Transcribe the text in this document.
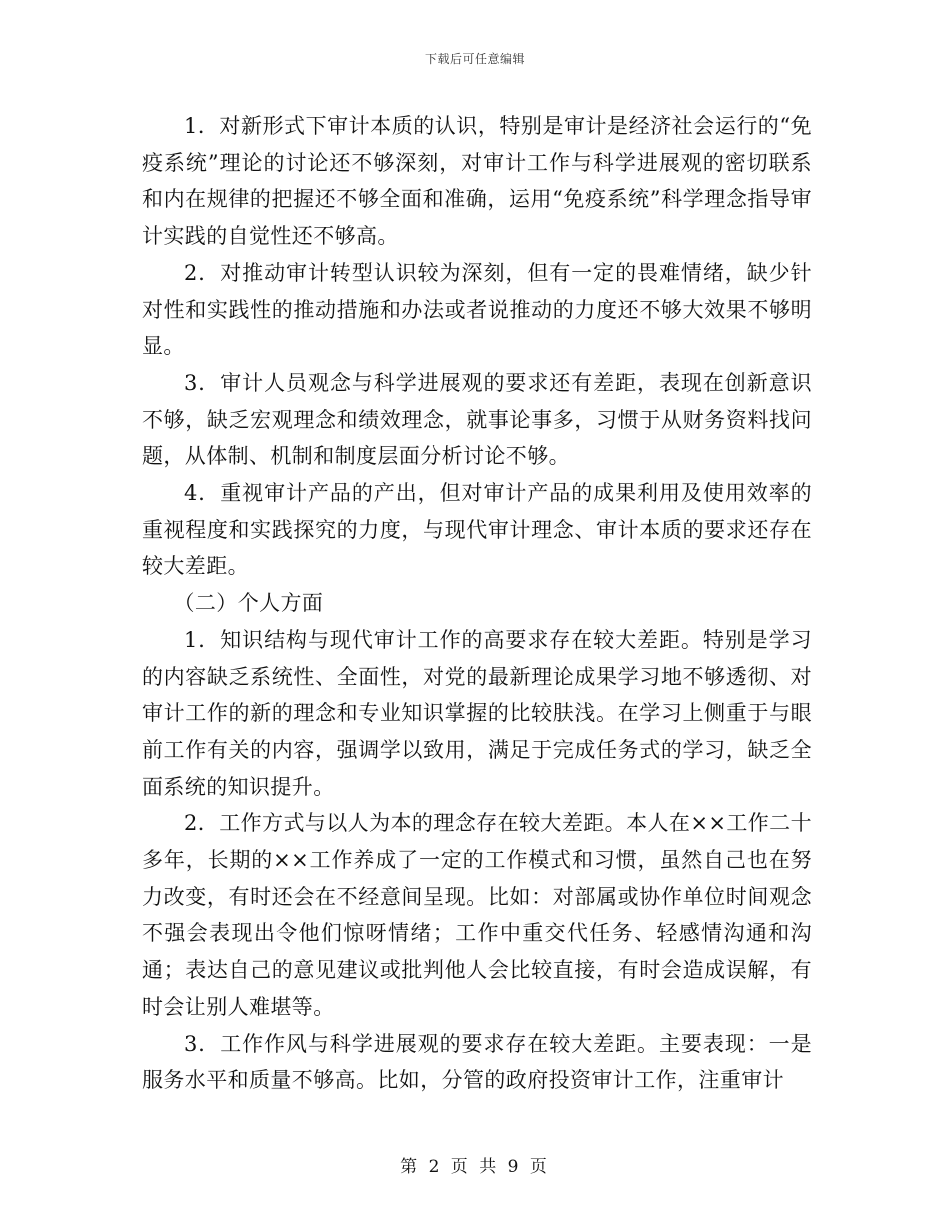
下载后可任意编辑

1．对新形式下审计本质的认识，特别是审计是经济社会运行的“免疫系统”理论的讨论还不够深刻，对审计工作与科学进展观的密切联系和内在规律的把握还不够全面和准确，运用“免疫系统”科学理念指导审计实践的自觉性还不够高。

2．对推动审计转型认识较为深刻，但有一定的畏难情绪，缺少针对性和实践性的推动措施和办法或者说推动的力度还不够大效果不够明显。

3．审计人员观念与科学进展观的要求还有差距，表现在创新意识不够，缺乏宏观理念和绩效理念，就事论事多，习惯于从财务资料找问题，从体制、机制和制度层面分析讨论不够。

4．重视审计产品的产出，但对审计产品的成果利用及使用效率的重视程度和实践探究的力度，与现代审计理念、审计本质的要求还存在较大差距。

（二）个人方面

1．知识结构与现代审计工作的高要求存在较大差距。特别是学习的内容缺乏系统性、全面性，对党的最新理论成果学习地不够透彻、对审计工作的新的理念和专业知识掌握的比较肤浅。在学习上侧重于与眼前工作有关的内容，强调学以致用，满足于完成任务式的学习，缺乏全面系统的知识提升。

2．工作方式与以人为本的理念存在较大差距。本人在××工作二十多年，长期的××工作养成了一定的工作模式和习惯，虽然自己也在努力改变，有时还会在不经意间呈现。比如：对部属或协作单位时间观念不强会表现出令他们惊呀情绪；工作中重交代任务、轻感情沟通和沟通；表达自己的意见建议或批判他人会比较直接，有时会造成误解，有时会让别人难堪等。

3．工作作风与科学进展观的要求存在较大差距。主要表现：一是服务水平和质量不够高。比如，分管的政府投资审计工作，注重审计

第 2 页 共 9 页
